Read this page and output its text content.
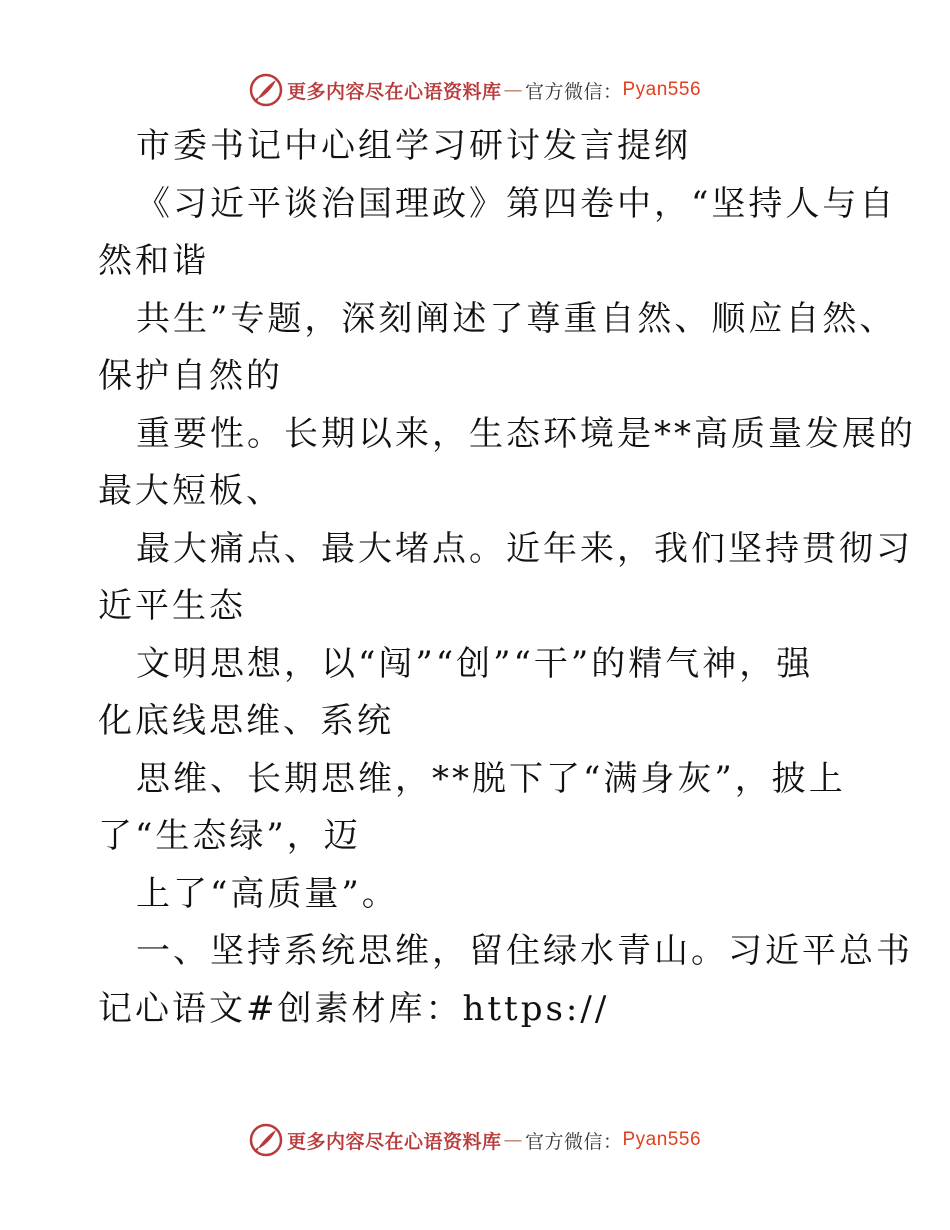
更多内容尽在心语资料库 — 官方微信： Pyan556
市委书记中心组学习研讨发言提纲
《习近平谈治国理政》第四卷中，“坚持人与自
然和谐
共生”专题，深刻阐述了尊重自然、顺应自然、
保护自然的
重要性。长期以来，生态环境是**高质量发展的
最大短板、
最大痛点、最大堵点。近年来，我们坚持贯彻习
近平生态
文明思想，以“闯”“创”“干”的精气神，强
化底线思维、系统
思维、长期思维，**脱下了“满身灰”，披上
了“生态绿”，迈
上了“高质量”。
一、坚持系统思维，留住绿水青山。习近平总书
记心语文#创素材库：https://
更多内容尽在心语资料库 — 官方微信： Pyan556
